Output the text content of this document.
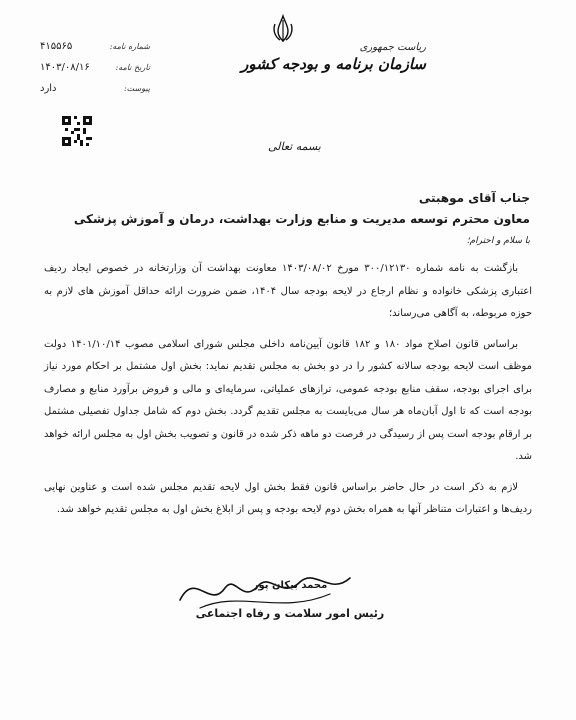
شماره نامه:
۴۱۵۵۶۵
تاریخ نامه:
۱۴۰۳/۰۸/۱۶
پیوست:
دارد
ریاست جمهوری
سازمان برنامه و بودجه کشور
بسمه تعالی
جناب آقای موهبتی
معاون محترم توسعه مدیریت و منابع وزارت بهداشت، درمان و آموزش پزشکی
با سلام و احترام؛

بازگشت به نامه شماره ۳۰۰/۱۲۱۳۰ مورخ ۱۴۰۳/۰۸/۰۲ معاونت بهداشت آن وزارتخانه در خصوص ایجاد ردیف اعتباری پزشکی خانواده و نظام ارجاع در لایحه بودجه سال ۱۴۰۴، ضمن ضرورت ارائه حداقل آموزش های لازم به حوزه مربوطه، به آگاهی می‌رساند؛

براساس قانون اصلاح مواد ۱۸۰ و ۱۸۲ قانون آیین‌نامه داخلی مجلس شورای اسلامی مصوب ۱۴۰۱/۱۰/۱۴ دولت موظف است لایحه بودجه سالانه کشور را در دو بخش به مجلس تقدیم نماید: بخش اول مشتمل بر احکام مورد نیاز برای اجرای بودجه، سقف منابع بودجه عمومی، ترازهای عملیاتی، سرمایه‌ای و مالی و فروض برآورد منابع و مصارف بودجه است که تا اول آبان‌ماه هر سال می‌بایست به مجلس تقدیم گردد. بخش دوم که شامل جداول تفصیلی مشتمل بر ارقام بودجه است پس از رسیدگی در فرصت دو ماهه ذکر شده در قانون و تصویب بخش اول به مجلس ارائه خواهد شد.

لازم به ذکر است در حال حاضر براساس قانون فقط بخش اول لایحه تقدیم مجلس شده است و عناوین نهایی ردیف‌ها و اعتبارات متناظر آنها به همراه بخش دوم لایحه بودجه و پس از ابلاغ بخش اول به مجلس تقدیم خواهد شد.

محمد بیکان پور
رئیس امور سلامت و رفاه اجتماعی
